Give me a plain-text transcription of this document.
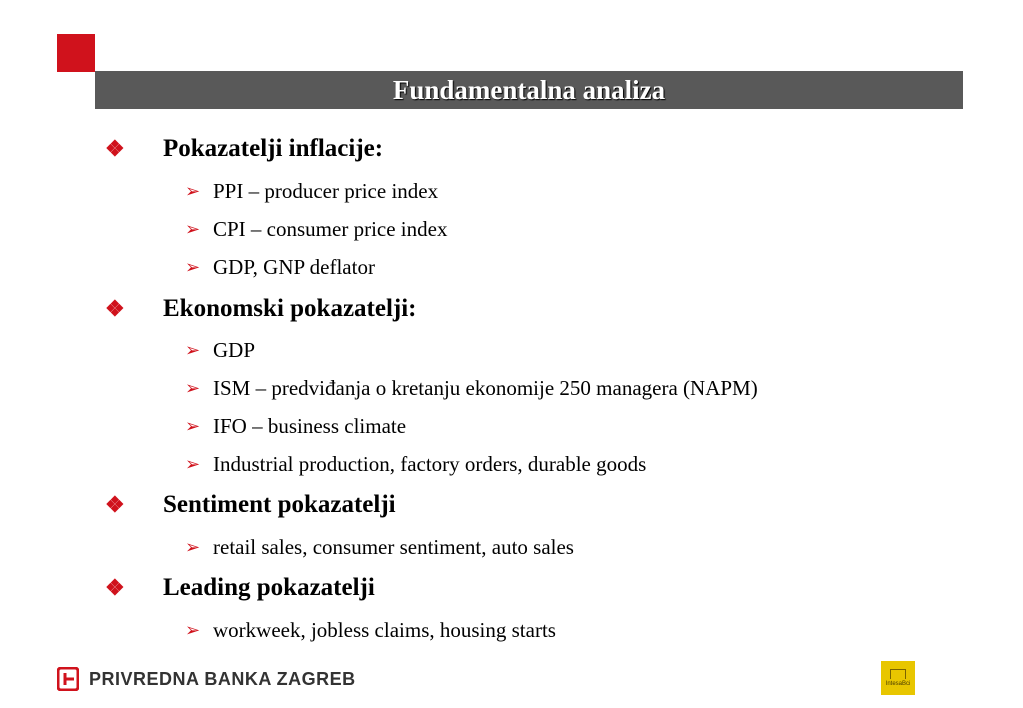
Fundamentalna analiza
❖	Pokazatelji inflacije:
➢ PPI – producer price index
➢ CPI – consumer price index
➢ GDP, GNP deflator
❖	Ekonomski pokazatelji:
➢ GDP
➢ ISM – predviđanja o kretanju ekonomije 250 managera (NAPM)
➢ IFO – business climate
➢ Industrial production, factory orders, durable goods
❖	Sentiment pokazatelji
➢ retail sales, consumer sentiment, auto sales
❖	Leading pokazatelji
➢ workweek, jobless claims, housing starts
PRIVREDNA BANKA ZAGREB	IntesaBci
